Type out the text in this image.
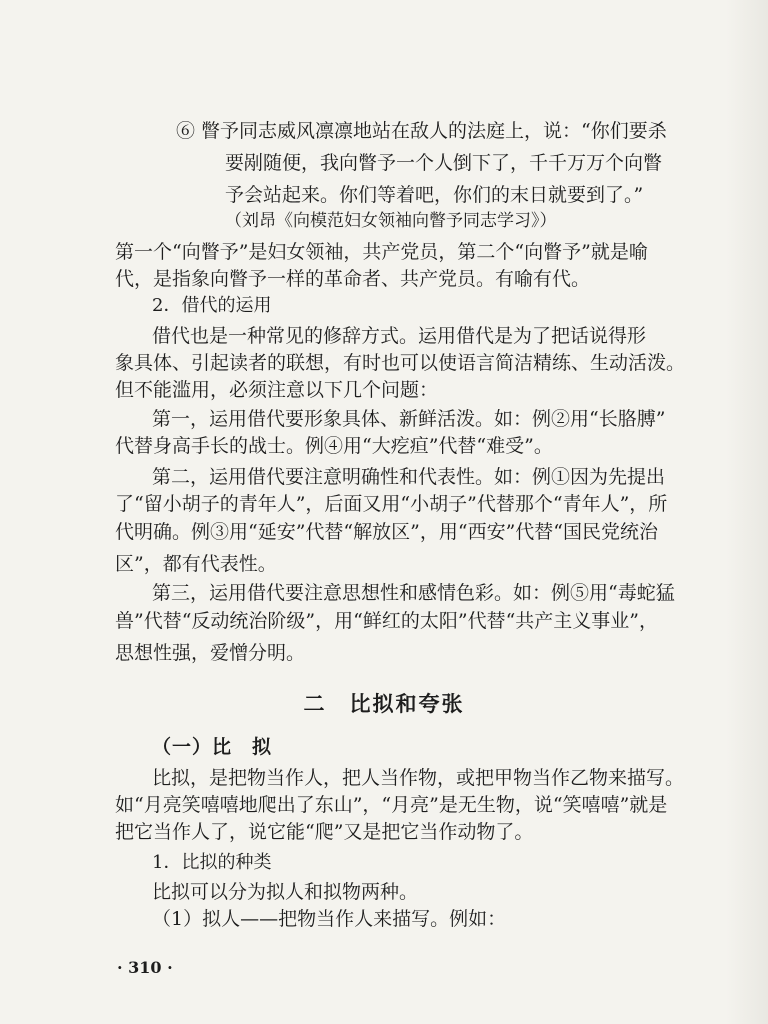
⑥ 瞥予同志威风凛凛地站在敌人的法庭上，说：“你们要杀

要剐随便，我向瞥予一个人倒下了，千千万万个向瞥

予会站起来。你们等着吧，你们的末日就要到了。”

（刘昂《向模范妇女领袖向瞥予同志学习》）

第一个“向瞥予”是妇女领袖，共产党员，第二个“向瞥予”就是喻

代，是指象向瞥予一样的革命者、共产党员。有喻有代。

2．借代的运用

借代也是一种常见的修辞方式。运用借代是为了把话说得形

象具体、引起读者的联想，有时也可以使语言简洁精练、生动活泼。

但不能滥用，必须注意以下几个问题：

第一，运用借代要形象具体、新鲜活泼。如：例②用“长胳膊”

代替身高手长的战士。例④用“大疙疸”代替“难受”。

第二，运用借代要注意明确性和代表性。如：例①因为先提出

了“留小胡子的青年人”，后面又用“小胡子”代替那个“青年人”，所

代明确。例③用“延安”代替“解放区”，用“西安”代替“国民党统治

区”，都有代表性。

第三，运用借代要注意思想性和感情色彩。如：例⑤用“毒蛇猛

兽”代替“反动统治阶级”，用“鲜红的太阳”代替“共产主义事业”，

思想性强，爱憎分明。

二　比拟和夸张

（一）比　拟

比拟，是把物当作人，把人当作物，或把甲物当作乙物来描写。

如“月亮笑嘻嘻地爬出了东山”，“月亮”是无生物，说“笑嘻嘻”就是

把它当作人了，说它能“爬”又是把它当作动物了。

1．比拟的种类

比拟可以分为拟人和拟物两种。

（1）拟人——把物当作人来描写。例如：

· 310 ·
